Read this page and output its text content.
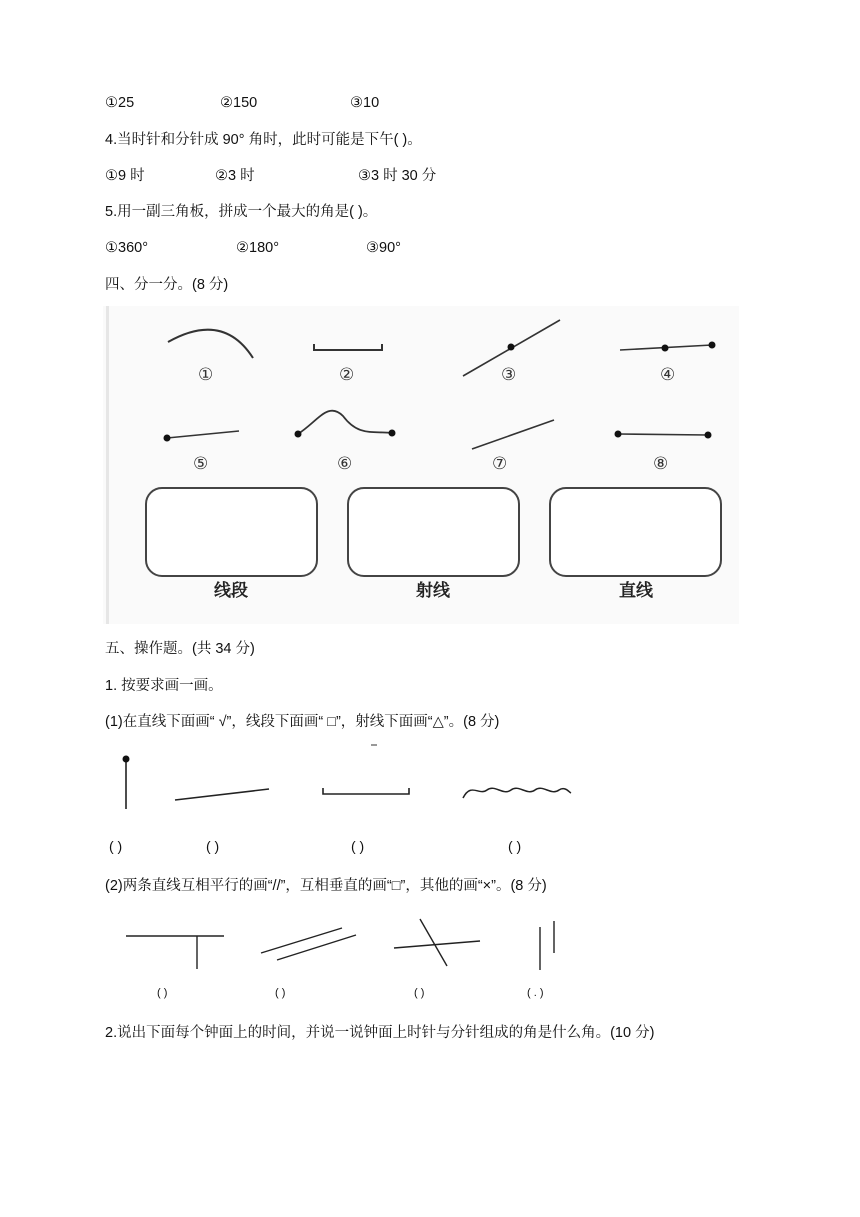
①25	②150	③10
4.当时针和分针成 90° 角时，此时可能是下午( )。
①9 时	②3 时	③3 时 30 分
5.用一副三角板，拼成一个最大的角是( )。
①360°	②180°	③90°
四、分一分。(8 分)
①	②	③	④
⑤	⑥	⑦	⑧
线段	射线	直线
五、操作题。(共 34 分)
1. 按要求画一画。
(1)在直线下面画“ √”，线段下面画“ □”，射线下面画“△”。(8 分)
( )	( )	( )	( )
(2)两条直线互相平行的画“//”，互相垂直的画“□”，其他的画“×”。(8 分)
( )	( )	( )	( . )
2.说出下面每个钟面上的时间，并说一说钟面上时针与分针组成的角是什么角。(10 分)
